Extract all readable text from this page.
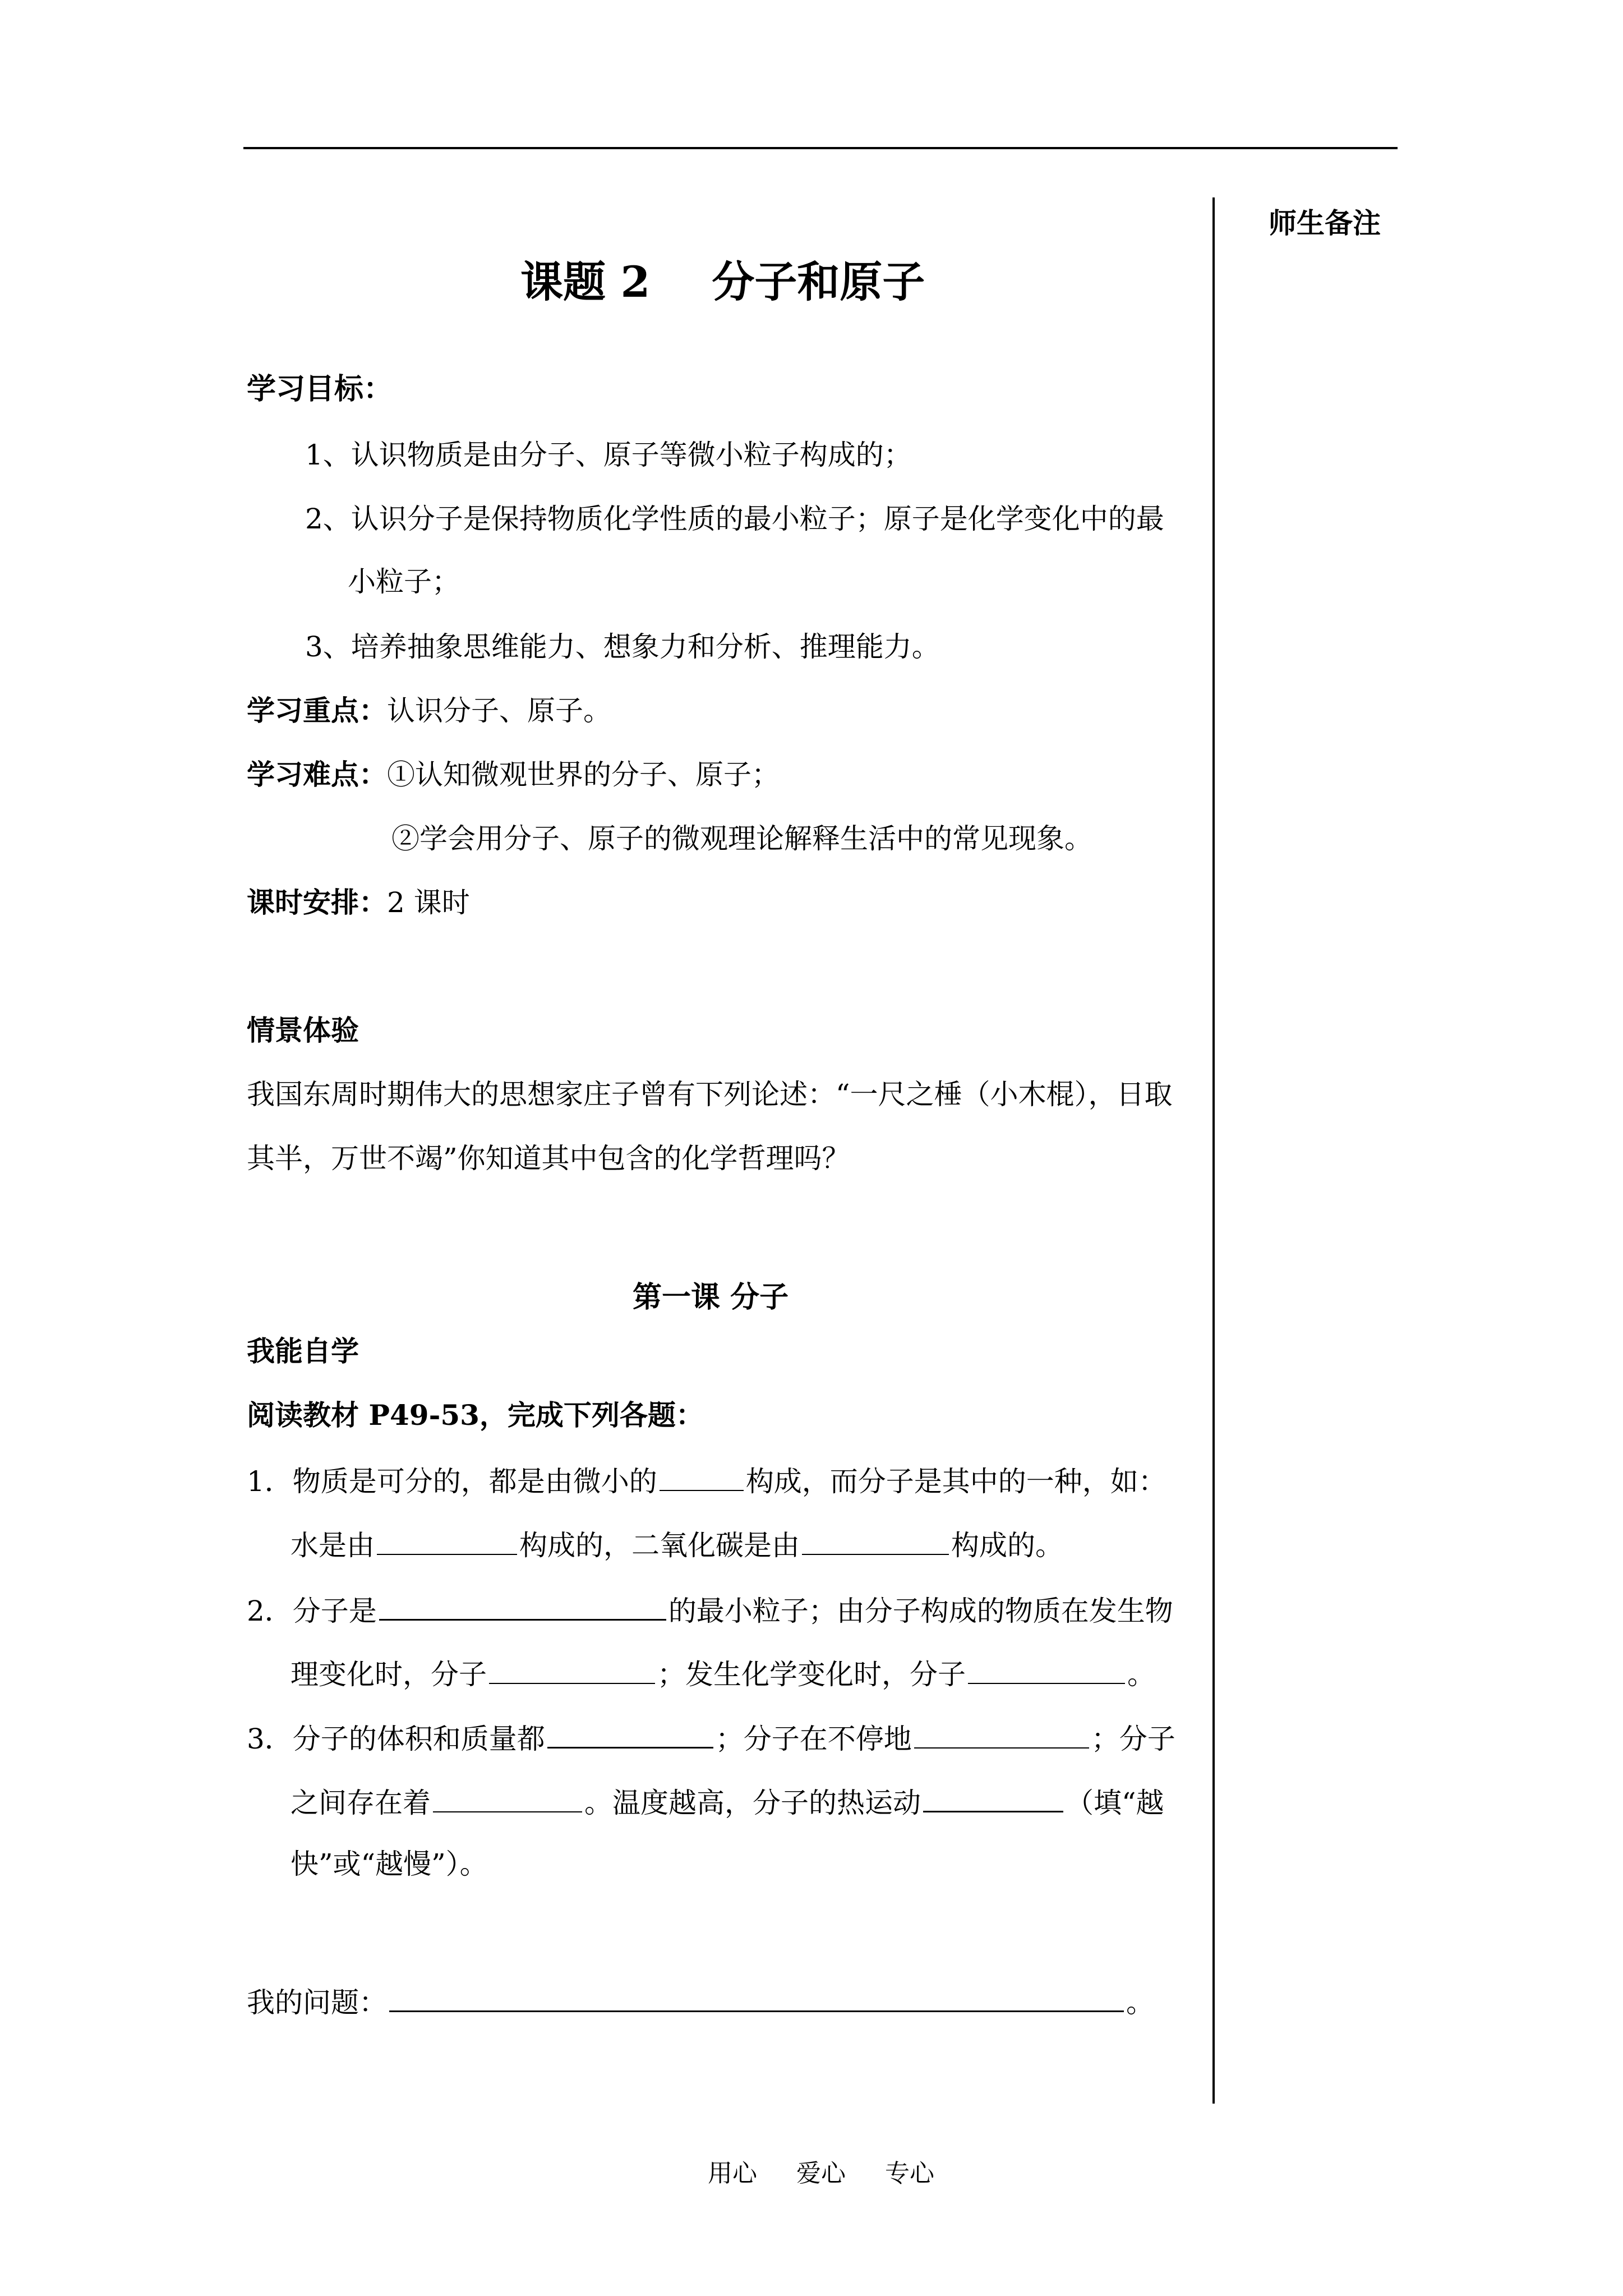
师生备注
课题 2 分子和原子
学习目标：
1、认识物质是由分子、原子等微小粒子构成的；
2、认识分子是保持物质化学性质的最小粒子；原子是化学变化中的最
小粒子；
3、培养抽象思维能力、想象力和分析、推理能力。
学习重点：认识分子、原子。
学习难点：①认知微观世界的分子、原子；
②学会用分子、原子的微观理论解释生活中的常见现象。
课时安排：2 课时
情景体验
我国东周时期伟大的思想家庄子曾有下列论述：“一尺之棰（小木棍），日取
其半，万世不竭”你知道其中包含的化学哲理吗？
第一课 分子
我能自学
阅读教材 P49-53，完成下列各题：
1．物质是可分的，都是由微小的	构成，而分子是其中的一种，如：
水是由	构成的，二氧化碳是由	构成的。
2．分子是	的最小粒子；由分子构成的物质在发生物
理变化时，分子	；发生化学变化时，分子	。
3．分子的体积和质量都	；分子在不停地	；分子
之间存在着	。温度越高，分子的热运动	（填“越
快”或“越慢”）。
我的问题：	。
用心 爱心 专心
